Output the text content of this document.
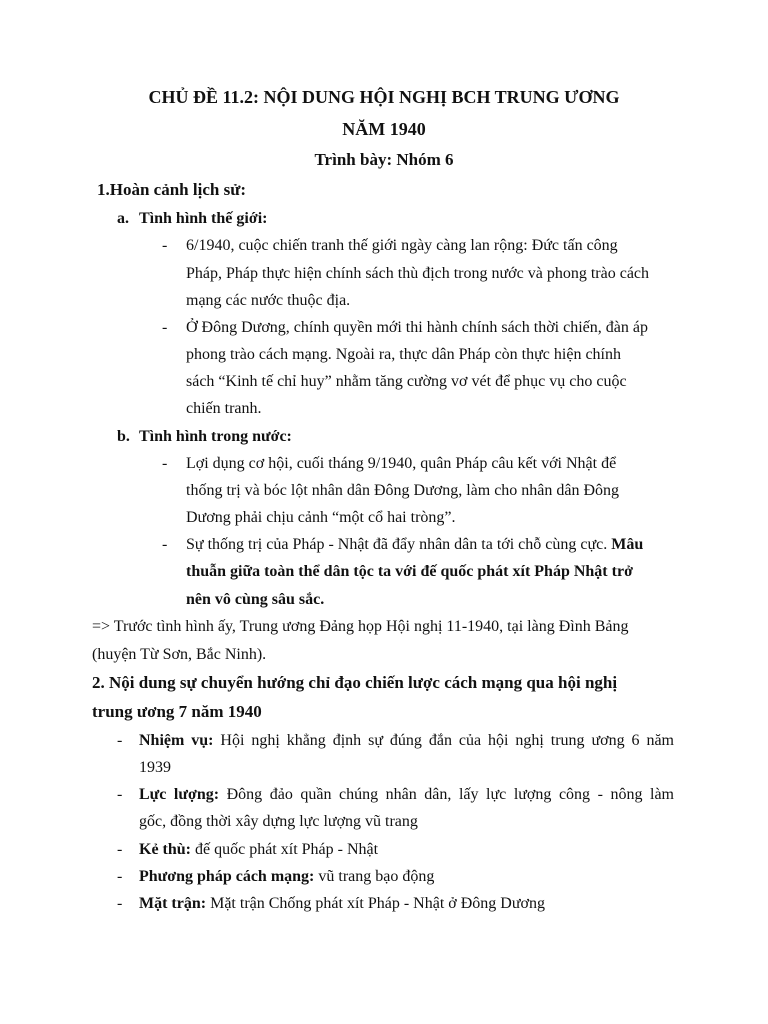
CHỦ ĐỀ 11.2: NỘI DUNG HỘI NGHỊ BCH TRUNG ƯƠNG
NĂM 1940
Trình bày: Nhóm 6
1.Hoàn cảnh lịch sử:
a. Tình hình thế giới:
- 6/1940, cuộc chiến tranh thế giới ngày càng lan rộng: Đức tấn công
Pháp, Pháp thực hiện chính sách thù địch trong nước và phong trào cách
mạng các nước thuộc địa.
- Ở Đông Dương, chính quyền mới thi hành chính sách thời chiến, đàn áp
phong trào cách mạng. Ngoài ra, thực dân Pháp còn thực hiện chính
sách “Kinh tế chỉ huy” nhằm tăng cường vơ vét để phục vụ cho cuộc
chiến tranh.
b. Tình hình trong nước:
- Lợi dụng cơ hội, cuối tháng 9/1940, quân Pháp câu kết với Nhật để
thống trị và bóc lột nhân dân Đông Dương, làm cho nhân dân Đông
Dương phải chịu cảnh “một cổ hai tròng”.
- Sự thống trị của Pháp - Nhật đã đẩy nhân dân ta tới chỗ cùng cực. Mâu
thuẫn giữa toàn thể dân tộc ta với đế quốc phát xít Pháp Nhật trở
nên vô cùng sâu sắc.
=> Trước tình hình ấy, Trung ương Đảng họp Hội nghị 11-1940, tại làng Đình Bảng
(huyện Từ Sơn, Bắc Ninh).
2. Nội dung sự chuyển hướng chỉ đạo chiến lược cách mạng qua hội nghị
trung ương 7 năm 1940
- Nhiệm vụ: Hội nghị khẳng định sự đúng đắn của hội nghị trung ương 6 năm
1939
- Lực lượng: Đông đảo quần chúng nhân dân, lấy lực lượng công - nông làm
gốc, đồng thời xây dựng lực lượng vũ trang
- Kẻ thù: đế quốc phát xít Pháp - Nhật
- Phương pháp cách mạng: vũ trang bạo động
- Mặt trận: Mặt trận Chống phát xít Pháp - Nhật ở Đông Dương
